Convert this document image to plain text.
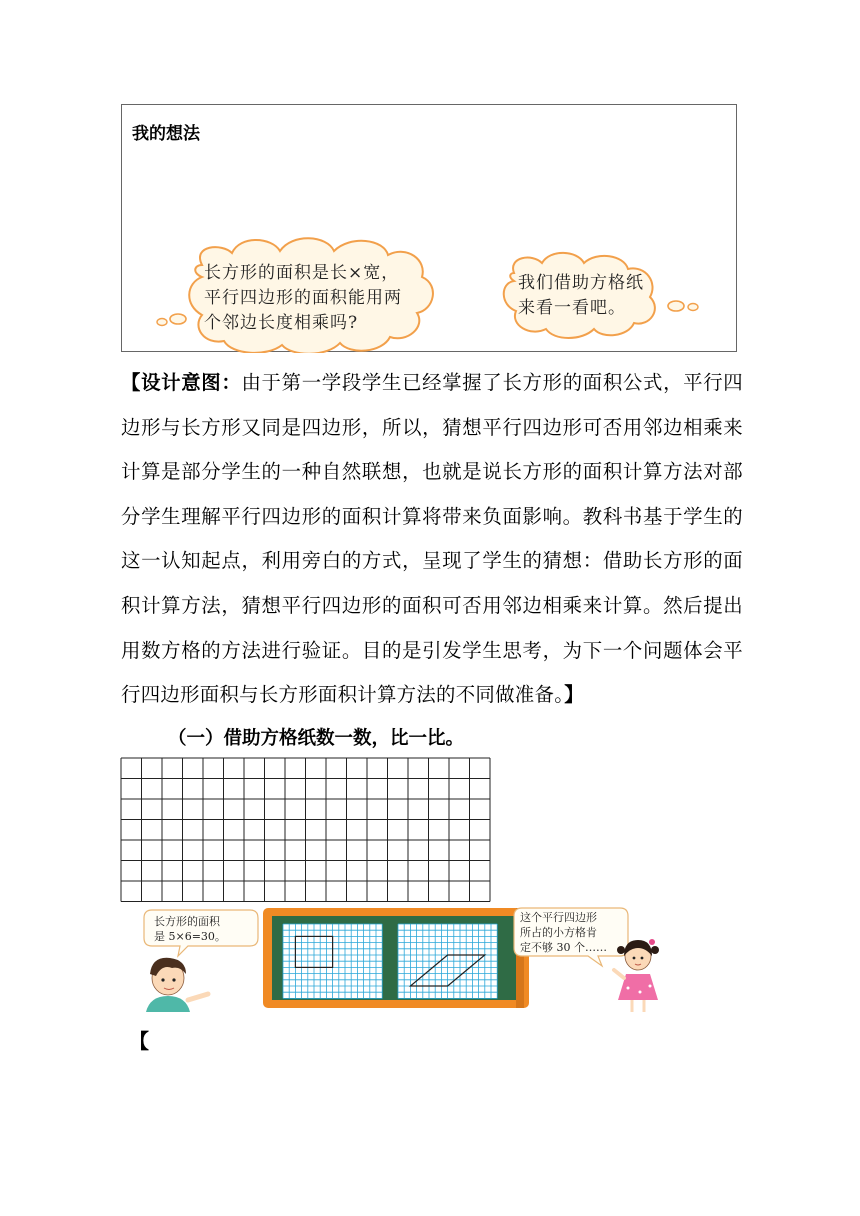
我的想法
长方形的面积是长×宽，
平行四边形的面积能用两
个邻边长度相乘吗?
我们借助方格纸
来看一看吧。
【设计意图：由于第一学段学生已经掌握了长方形的面积公式，平行四边形与长方形又同是四边形，所以，猜想平行四边形可否用邻边相乘来计算是部分学生的一种自然联想，也就是说长方形的面积计算方法对部分学生理解平行四边形的面积计算将带来负面影响。教科书基于学生的这一认知起点，利用旁白的方式，呈现了学生的猜想：借助长方形的面积计算方法，猜想平行四边形的面积可否用邻边相乘来计算。然后提出用数方格的方法进行验证。目的是引发学生思考，为下一个问题体会平行四边形面积与长方形面积计算方法的不同做准备。】
（一）借助方格纸数一数，比一比。
长方形的面积
是 5×6=30。
这个平行四边形
所占的小方格肯
定不够 30 个……
【
